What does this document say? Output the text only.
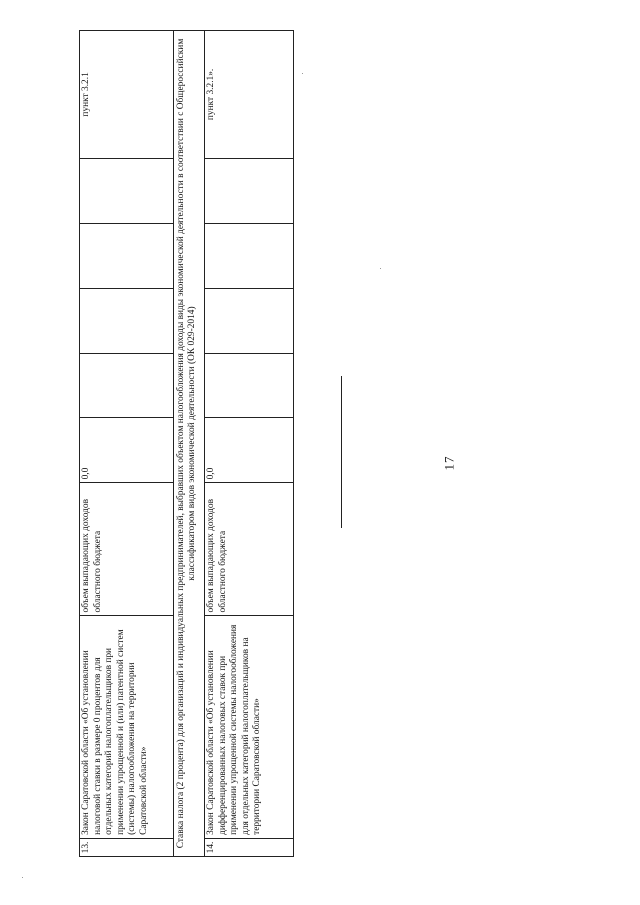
13.	Закон Саратовской области «Об установлении налоговой ставки в размере 0 процентов для отдельных категорий налогоплательщиков при применении упрощенной и (или) патентной систем (системы) налогообложения на территории Саратовской области»	объем выпадающих доходов областного бюджета	0,0					пункт 3.2.1
Ставка налога (2 процента) для организаций и индивидуальных предпринимателей, выбравших объектом налогообложения доходы виды экономической деятельности в соответствии с Общероссийским классификатором видов экономической деятельности (ОК 029-2014)								
14.	Закон Саратовской области «Об установлении дифференцированных налоговых ставок при применении упрощенной системы налогообложения для отдельных категорий налогоплательщиков на территории Саратовской области»	объем выпадающих доходов областного бюджета	0,0					пункт 3.2.1».
17
